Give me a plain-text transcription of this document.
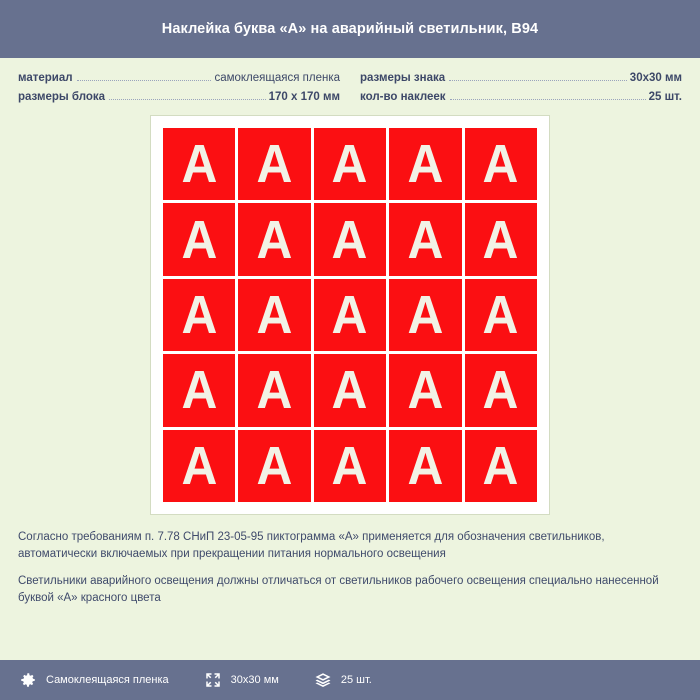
Наклейка буква «А» на аварийный светильник, B94
материал	самоклеящаяся пленка
размеры блока	170 х 170 мм
размеры знака	30x30 мм
кол-во наклеек	25 шт.
A A A A A
A A A A A
A A A A A
A A A A A
A A A A A
Согласно требованиям п. 7.78 СНиП 23-05-95 пиктограмма «А» применяется для обозначения светильников, автоматически включаемых при прекращении питания нормального освещения
Светильники аварийного освещения должны отличаться от светильников рабочего освещения специально нанесенной буквой «А» красного цвета
Самоклеящаяся пленка	30x30 мм	25 шт.
